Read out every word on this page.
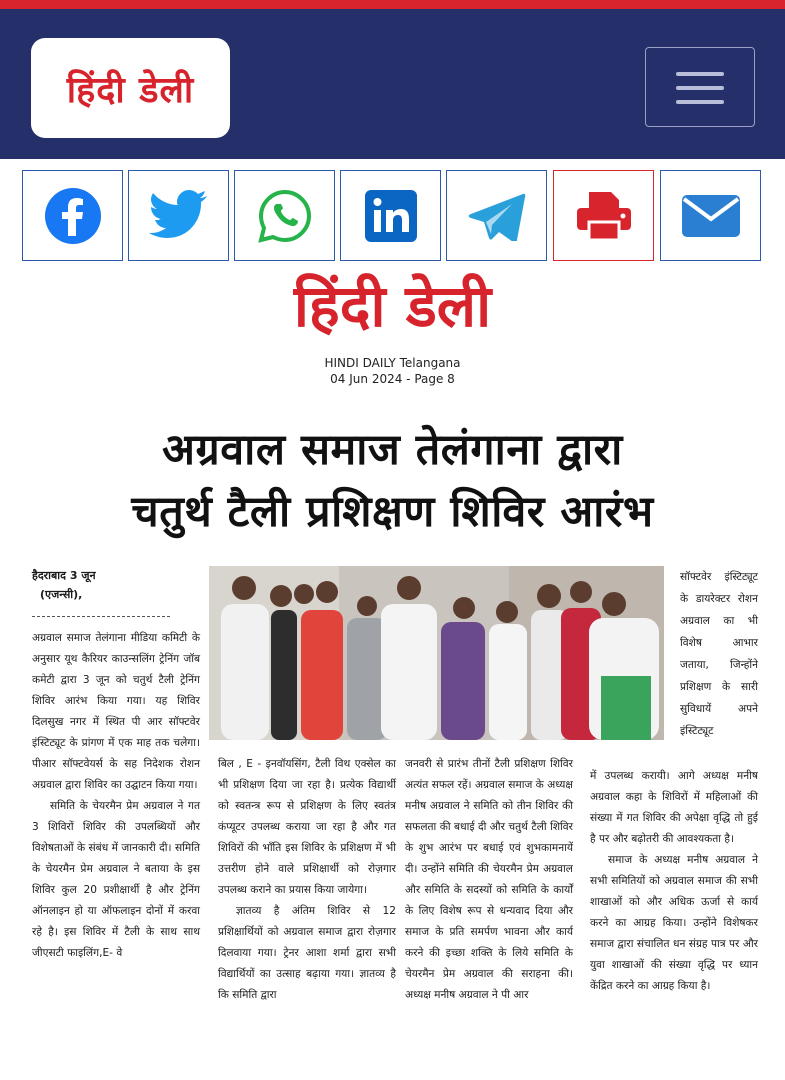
हिंदी डेली
हिंदी डेली
HINDI DAILY Telangana
04 Jun 2024 - Page 8
अग्रवाल समाज तेलंगाना द्वारा
चतुर्थ टैली प्रशिक्षण शिविर आरंभ
हैदराबाद 3 जून
(एजन्सी),

अग्रवाल समाज तेलंगाना मीडिया कमिटी के अनुसार यूथ कैरियर काउन्सलिंग ट्रेनिंग जॉब कमेटी द्वारा 3 जून को चतुर्थ टैली ट्रेनिंग शिविर आरंभ किया गया। यह शिविर दिलसुख नगर में स्थित पी आर सॉफ्टवेर इंस्टिट्यूट के प्रांगण में एक माह तक चलेगा। पीआर सॉफ्टवेयर्स के सह निदेशक रोशन अग्रवाल द्वारा शिविर का उद्घाटन किया गया।

समिति के चेयरमैन प्रेम अग्रवाल ने गत 3 शिविरों शिविर की उपलब्धियों और विशेषताओं के संबंध में जानकारी दी। समिति के चेयरमैन प्रेम अग्रवाल ने बताया के इस शिविर कुल 20 प्रशीक्षार्थी है और ट्रेनिंग ऑनलाइन हो या ऑफलाइन दोनों में करवा रहे है। इस शिविर में टैली के साथ साथ जीएसटी फाइलिंग,E- वे

बिल , E - इनवॉयसिंग, टैली विथ एक्सेल का भी प्रशिक्षण दिया जा रहा है। प्रत्येक विद्यार्थी को स्वतन्त्र रूप से प्रशिक्षण के लिए स्वतंत्र कंप्यूटर उपलब्ध कराया जा रहा है और गत शिविरों की भाँति इस शिविर के प्रशिक्षण में भी उत्तरीण होने वाले प्रशिक्षार्थी को रोज़गार उपलब्ध कराने का प्रयास किया जायेगा।

ज्ञातव्य है अंतिम शिविर से 12 प्रशिक्षार्थियों को अग्रवाल समाज द्वारा रोज़गार दिलवाया गया। ट्रेनर आशा शर्मा द्वारा सभी विद्यार्थियों का उत्साह बढ़ाया गया। ज्ञातव्य है कि समिति द्वारा

जनवरी से प्रारंभ तीनों टैली प्रशिक्षण शिविर अत्यंत सफल रहें। अग्रवाल समाज के अध्यक्ष मनीष अग्रवाल ने समिति को तीन शिविर की सफलता की बधाई दी और चतुर्थ टैली शिविर के शुभ आरंभ पर बधाई एवं शुभकामनायें दी। उन्होंने समिति की चेयरमैन प्रेम अग्रवाल और समिति के सदस्यों को समिति के कार्यों के लिए विशेष रूप से धन्यवाद दिया और समाज के प्रति समर्पण भावना और कार्य करने की इच्छा शक्ति के लिये समिति के चेयरमैन प्रेम अग्रवाल की सराहना की। अध्यक्ष मनीष अग्रवाल ने पी आर

सॉफ्टवेर इंस्टिट्यूट के डायरेक्टर रोशन अग्रवाल का भी विशेष आभार जताया, जिन्होंने प्रशिक्षण के सारी सुविधायें अपने इंस्टिट्यूट

में उपलब्ध करायी। आगे अध्यक्ष मनीष अग्रवाल कहा के शिविरों में महिलाओं की संख्या में गत शिविर की अपेक्षा वृद्धि तो हुई है पर और बढ़ोतरी की आवश्यकता है।

समाज के अध्यक्ष मनीष अग्रवाल ने सभी समितियों को अग्रवाल समाज की सभी शाखाओं को और अधिक ऊर्जा से कार्य करने का आग्रह किया। उन्होंने विशेषकर समाज द्वारा संचालित धन संग्रह पात्र पर और युवा शाखाओं की संख्या वृद्धि पर ध्यान केंद्रित करने का आग्रह किया है।
